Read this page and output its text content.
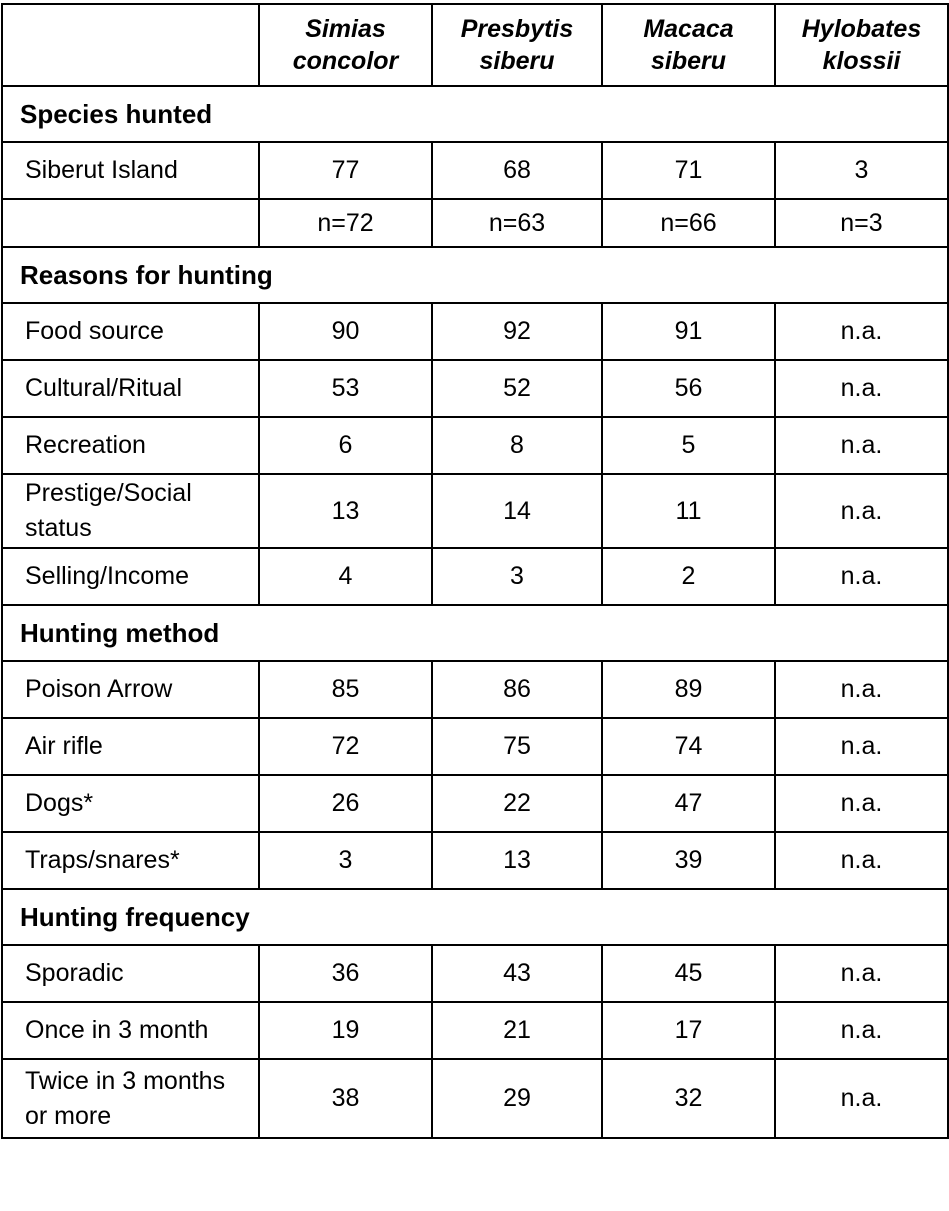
	Simias concolor	Presbytis siberu	Macaca siberu	Hylobates klossii
Species hunted				
Siberut Island	77	68	71	3
	n=72	n=63	n=66	n=3
Reasons for hunting				
Food source	90	92	91	n.a.
Cultural/Ritual	53	52	56	n.a.
Recreation	6	8	5	n.a.
Prestige/Social status	13	14	11	n.a.
Selling/Income	4	3	2	n.a.
Hunting method				
Poison Arrow	85	86	89	n.a.
Air rifle	72	75	74	n.a.
Dogs*	26	22	47	n.a.
Traps/snares*	3	13	39	n.a.
Hunting frequency				
Sporadic	36	43	45	n.a.
Once in 3 month	19	21	17	n.a.
Twice in 3 months or more	38	29	32	n.a.
